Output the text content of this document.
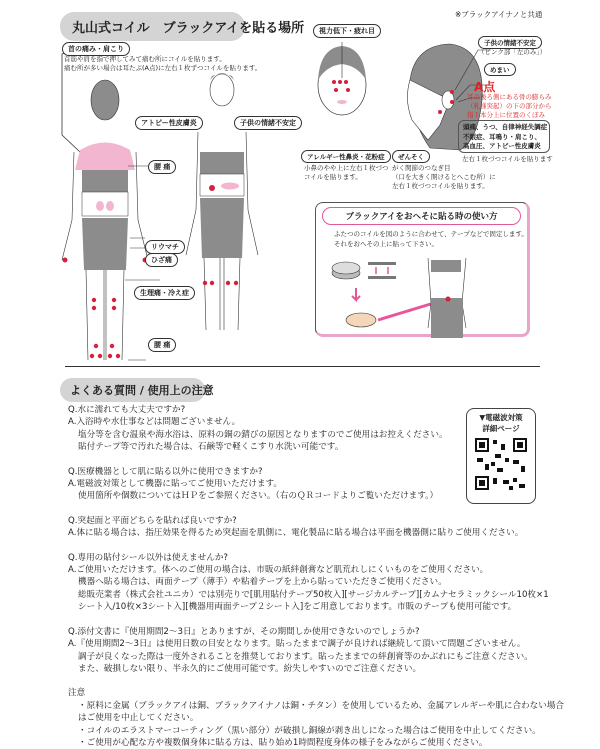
丸山式コイル　ブラックアイを貼る場所
※ブラックアイナノと共通
首の痛み・肩こり
首筋や肩を指で押してみて痛む所にコイルを貼ります。
痛む所が多い場合は耳たぶ(A点)に左右１枚ずつコイルを貼ります。
アトピー性皮膚炎	子供の情緒不安定
腰 痛
リウマチ
ひざ痛
生理痛・冷え症
腰 痛
視力低下・疲れ目
アレルギー性鼻炎・花粉症
小鼻のやや上に左右１枚づつ
コイルを貼ります。
ぜんそく
がく関節のつなぎ目
（口を大きく開けるとへこむ所）に
左右１枚づつコイルを貼ります。
子供の情緒不安定
（ピンク部「左のみ」）
めまい
A点
耳の後ろ側にある骨の膨らみ
（乳様突起）の下の部分から
指１本分上に位置のくぼみ
頭痛、うつ、自律神経失調症
不眠症、耳鳴り・肩こり、
高血圧、アトピー性皮膚炎
左右１枚づつコイルを貼ります
ブラックアイをおへそに貼る時の使い方
ふたつのコイルを図のように合わせて、テープなどで固定します。
それをおへその上に貼って下さい。
よくある質問 / 使用上の注意
▼電磁波対策
詳細ページ
Q.水に濡れても大丈夫ですか?
A.入浴時や水仕事などは問題ございません。
塩分等を含む温泉や海水浴は、原料の銅の錆びの原因となりますのでご使用はお控えください。
貼付テープ等で汚れた場合は、石鹸等で軽くこすり水洗い可能です。
Q.医療機器として肌に貼る以外に使用できますか?
A.電磁波対策として機器に貼ってご使用いただけます。
使用箇所や個数についてはＨＰをご参照ください。（右のＱＲコードよりご覧いただけます。）
Q.突起面と平面どちらを貼れば良いですか?
A.体に貼る場合は、指圧効果を得るため突起面を肌側に、電化製品に貼る場合は平面を機器側に貼りご使用ください。
Q.専用の貼付シール以外は使えませんか?
A.ご使用いただけます。体へのご使用の場合は、市販の紙絆創膏など肌荒れしにくいものをご使用ください。
機器へ貼る場合は、両面テープ（薄手）や粘着テープを上から貼っていただきご使用ください。
総販売業者（株式会社ユニカ）では別売りで[肌用貼付テープ50枚入][サージカルテープ][カムナセラミックシール10枚×1
シート入/10枚×3シート入][機器用両面テープ２シート入]をご用意しております。市販のテープも使用可能です。
Q.添付文書に『使用期間2〜3日』とありますが、その期間しか使用できないのでしょうか?
A.『使用期間2〜3日』は使用日数の目安となります。貼ったままで調子が良ければ継続して頂いて問題ございません。
調子が良くなった際は一度外されることを推奨しております。貼ったままでの絆創膏等のかぶれにもご注意ください。
また、破損しない限り、半永久的にご使用可能です。紛失しやすいのでご注意ください。
注意
・原料に金属（ブラックアイは銅、ブラックアイナノは銅・チタン）を使用しているため、金属アレルギーや肌に合わない場合
はご使用を中止してください。
・コイルのエラストマーコーティング（黒い部分）が破損し銅線が剥き出しになった場合はご使用を中止してください。
・ご使用が心配な方や複数個身体に貼る方は、貼り始め1時間程度身体の様子をみながらご使用ください。
